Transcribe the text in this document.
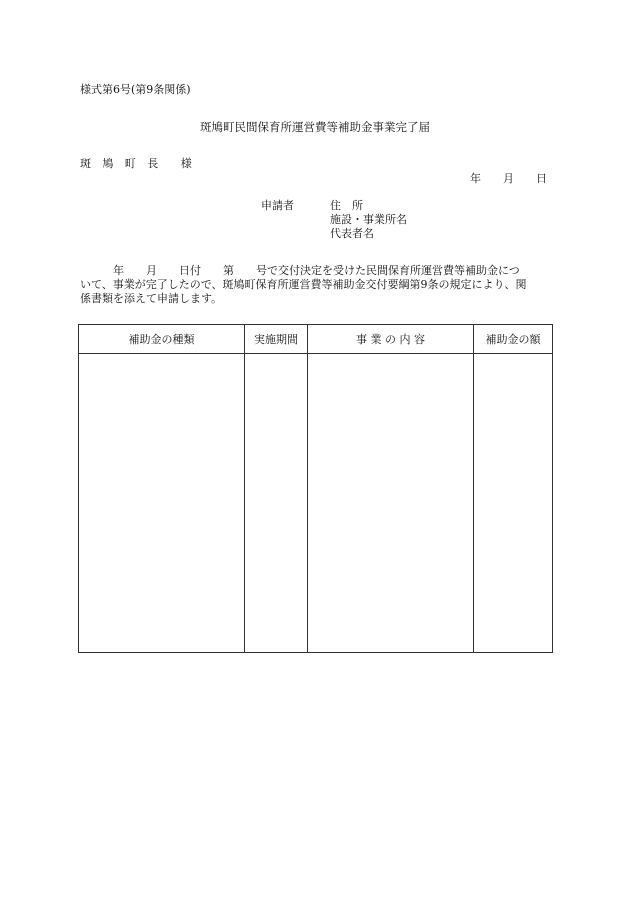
様式第6号(第9条関係)
斑鳩町民間保育所運営費等補助金事業完了届
斑　鳩　町　長　　様
年　　月　　日
申請者	住　所
施設・事業所名
代表者名
　　　年　　月　　日付　　第　　号で交付決定を受けた民間保育所運営費等補助金につ
いて、事業が完了したので、斑鳩町保育所運営費等補助金交付要綱第9条の規定により、関
係書類を添えて申請します。
補助金の種類	実施期間	事 業 の 内 容	補助金の額
